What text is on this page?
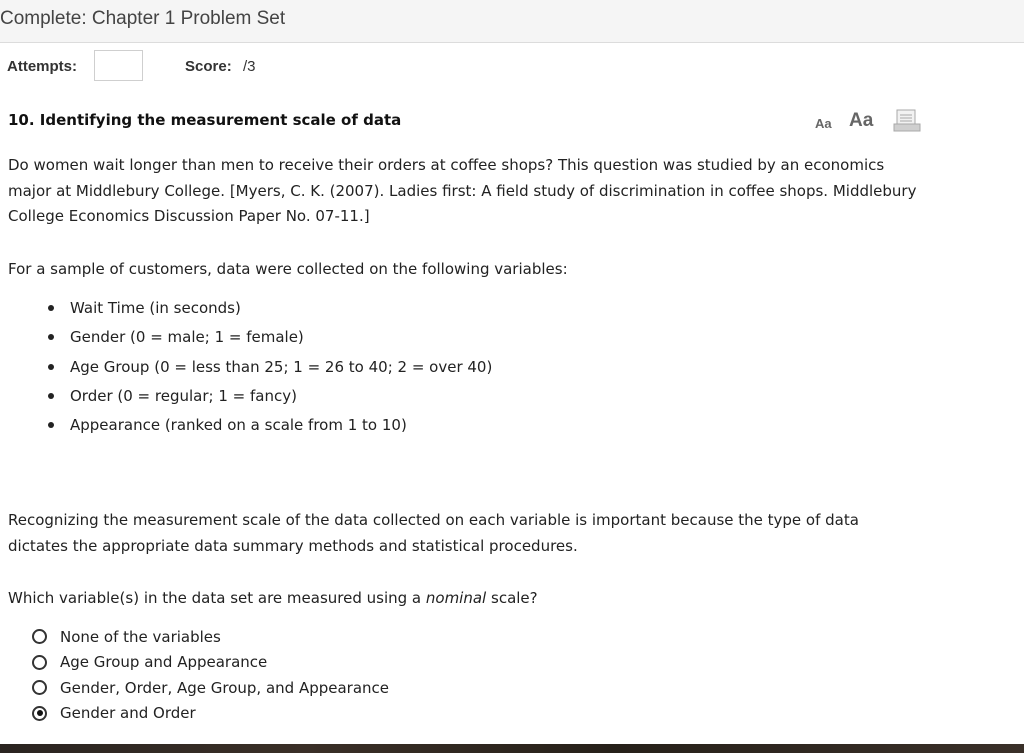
Complete: Chapter 1 Problem Set
Attempts:	Score: /3
10. Identifying the measurement scale of data	Aa Aa
Do women wait longer than men to receive their orders at coffee shops? This question was studied by an economics major at Middlebury College. [Myers, C. K. (2007). Ladies first: A field study of discrimination in coffee shops. Middlebury College Economics Discussion Paper No. 07-11.]
For a sample of customers, data were collected on the following variables:
Wait Time (in seconds)
Gender (0 = male; 1 = female)
Age Group (0 = less than 25; 1 = 26 to 40; 2 = over 40)
Order (0 = regular; 1 = fancy)
Appearance (ranked on a scale from 1 to 10)
Recognizing the measurement scale of the data collected on each variable is important because the type of data dictates the appropriate data summary methods and statistical procedures.
Which variable(s) in the data set are measured using a nominal scale?
None of the variables
Age Group and Appearance
Gender, Order, Age Group, and Appearance
Gender and Order
